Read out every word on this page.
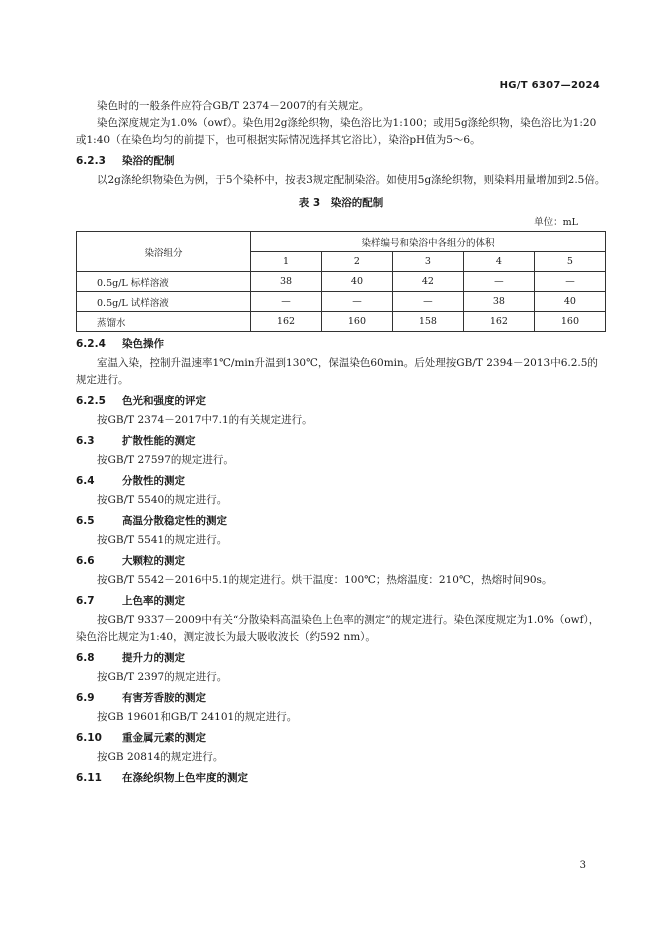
HG/T 6307—2024

染色时的一般条件应符合GB/T 2374－2007的有关规定。

染色深度规定为1.0%（owf）。染色用2g涤纶织物，染色浴比为1:100；或用5g涤纶织物，染色浴比为1:20或1:40（在染色均匀的前提下，也可根据实际情况选择其它浴比），染浴pH值为5～6。

6.2.3 染浴的配制

以2g涤纶织物染色为例，于5个染杯中，按表3规定配制染浴。如使用5g涤纶织物，则染料用量增加到2.5倍。

表 3　染浴的配制
单位：mL
染浴组分	染样编号和染浴中各组分的体积				
	1	2	3	4	5
0.5g/L 标样溶液	38	40	42	—	—
0.5g/L 试样溶液	—	—	—	38	40
蒸馏水	162	160	158	162	160
6.2.4 染色操作

室温入染，控制升温速率1℃/min升温到130℃，保温染色60min。后处理按GB/T 2394－2013中6.2.5的规定进行。

6.2.5 色光和强度的评定

按GB/T 2374－2017中7.1的有关规定进行。

6.3	扩散性能的测定

按GB/T 27597的规定进行。

6.4	分散性的测定

按GB/T 5540的规定进行。

6.5	高温分散稳定性的测定

按GB/T 5541的规定进行。

6.6	大颗粒的测定

按GB/T 5542－2016中5.1的规定进行。烘干温度：100℃；热熔温度：210℃，热熔时间90s。

6.7	上色率的测定

按GB/T 9337－2009中有关“分散染料高温染色上色率的测定”的规定进行。染色深度规定为1.0%（owf），染色浴比规定为1:40，测定波长为最大吸收波长（约592 nm）。

6.8	提升力的测定

按GB/T 2397的规定进行。

6.9	有害芳香胺的测定

按GB 19601和GB/T 24101的规定进行。

6.10 重金属元素的测定

按GB 20814的规定进行。

6.11 在涤纶织物上色牢度的测定
3
